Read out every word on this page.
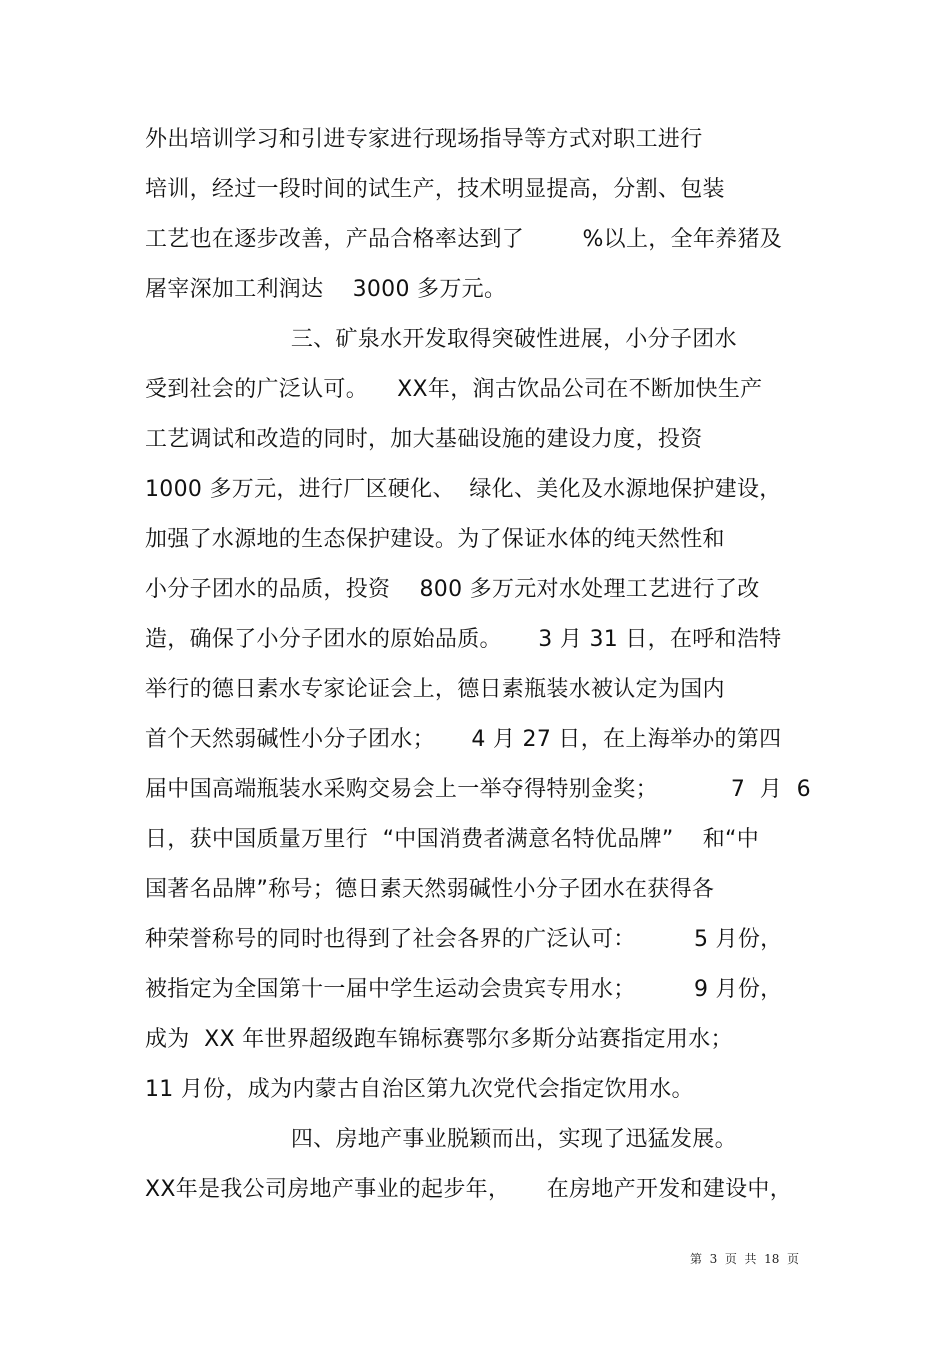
外出培训学习和引进专家进行现场指导等方式对职工进行
培训，经过一段时间的试生产，技术明显提高，分割、包装
工艺也在逐步改善，产品合格率达到了        %以上，全年养猪及
屠宰深加工利润达    3000 多万元。
三、矿泉水开发取得突破性进展，小分子团水
受到社会的广泛认可。    XX年，润古饮品公司在不断加快生产
工艺调试和改造的同时，加大基础设施的建设力度，投资
1000 多万元，进行厂区硬化、  绿化、美化及水源地保护建设，
加强了水源地的生态保护建设。为了保证水体的纯天然性和
小分子团水的品质，投资    800 多万元对水处理工艺进行了改
造，确保了小分子团水的原始品质。     3 月 31 日，在呼和浩特
举行的德日素水专家论证会上，德日素瓶装水被认定为国内
首个天然弱碱性小分子团水；     4 月 27 日，在上海举办的第四
届中国高端瓶装水采购交易会上一举夺得特别金奖；          7  月  6
日，获中国质量万里行  “中国消费者满意名特优品牌”    和“中
国著名品牌”称号；德日素天然弱碱性小分子团水在获得各
种荣誉称号的同时也得到了社会各界的广泛认可：        5 月份，
被指定为全国第十一届中学生运动会贵宾专用水；        9 月份，
成为  XX 年世界超级跑车锦标赛鄂尔多斯分站赛指定用水；
11 月份，成为内蒙古自治区第九次党代会指定饮用水。
四、房地产事业脱颖而出，实现了迅猛发展。
XX年是我公司房地产事业的起步年，     在房地产开发和建设中，
第  3  页  共  18  页
